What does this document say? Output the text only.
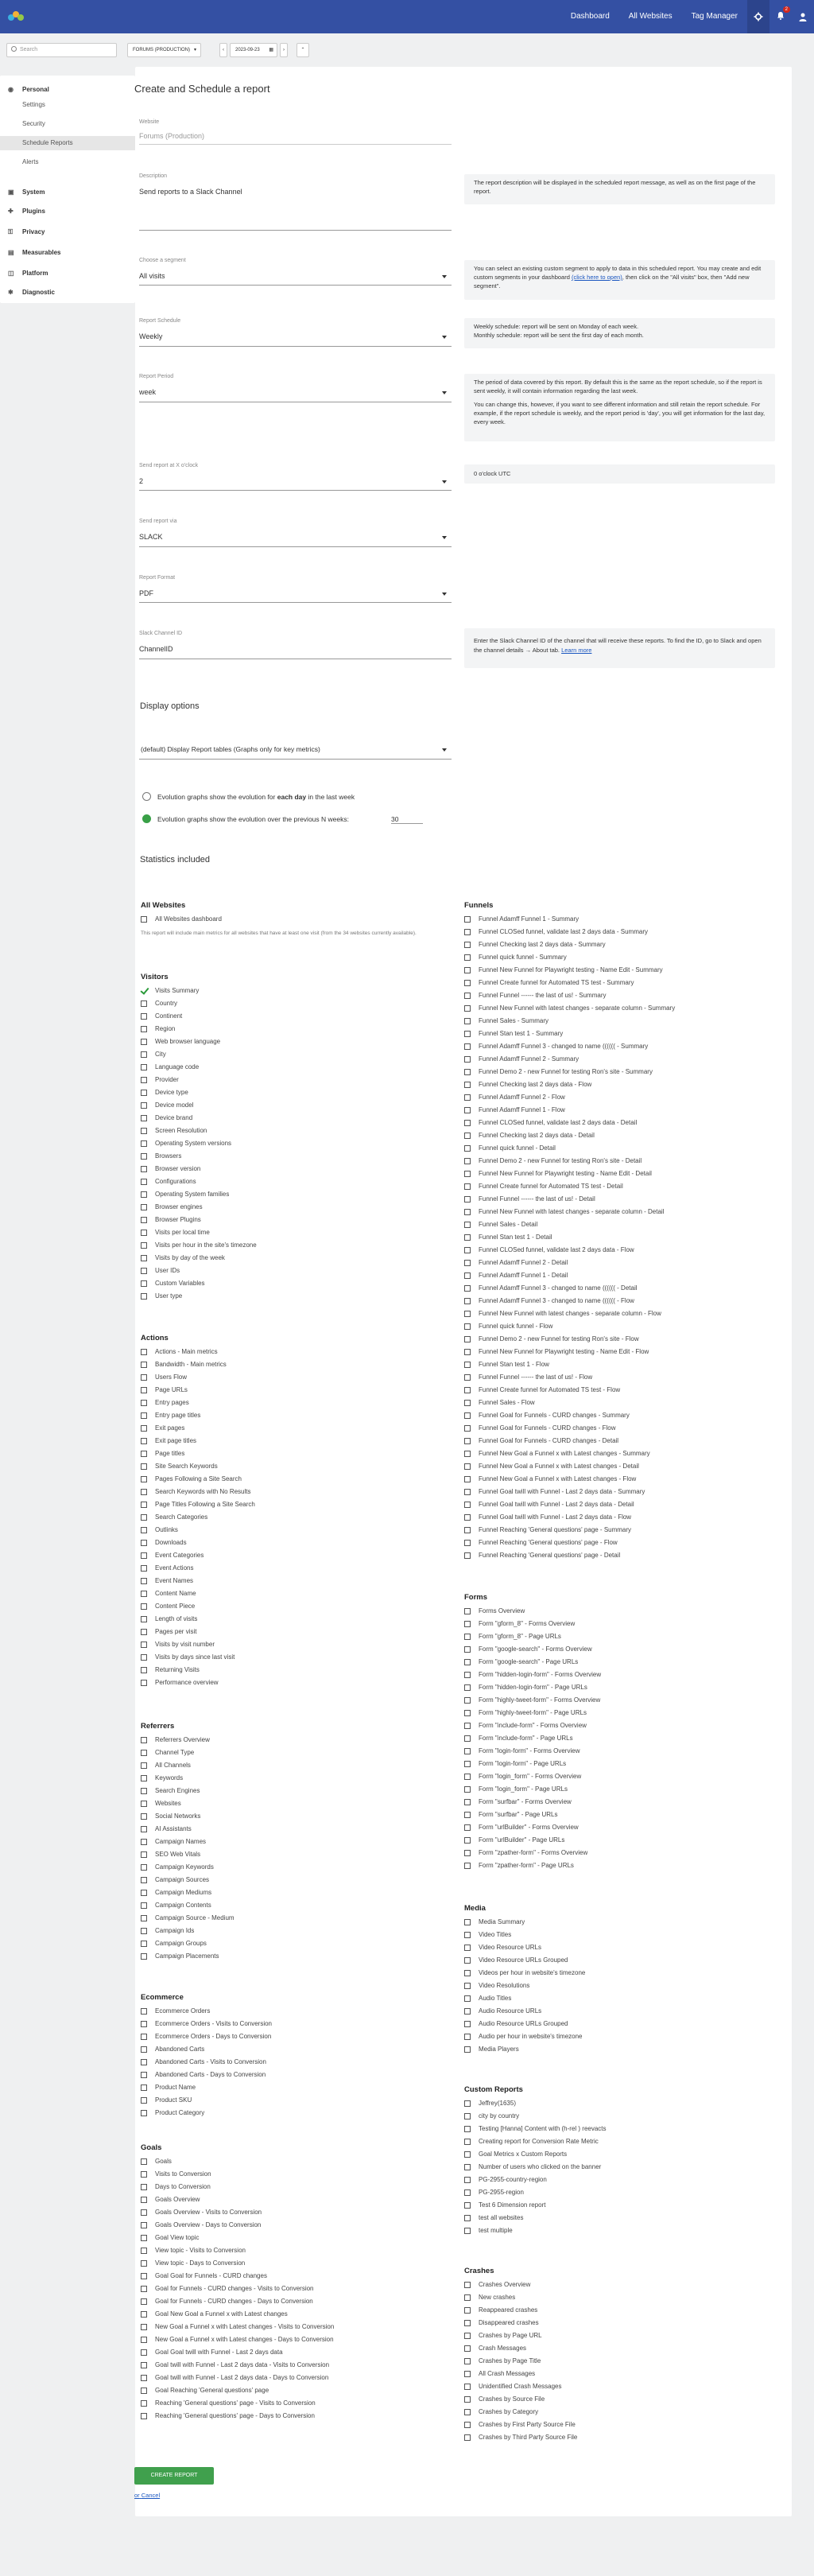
Dashboard	All Websites	Tag Manager
2
Search	FORUMS (PRODUCTION) ▾	‹	2023-09-23 ▦	›	⌃
◉ Personal
Settings
Security
Schedule Reports
Alerts
▣ System
✚ Plugins
⚿ Privacy
▤ Measurables
◫ Platform
✱ Diagnostic
Create and Schedule a report
Website
Forums (Production)
Description
Send reports to a Slack Channel
The report description will be displayed in the scheduled report message, as well as on the first page of the report.
Choose a segment
All visits
You can select an existing custom segment to apply to data in this scheduled report. You may create and edit custom segments in your dashboard (click here to open), then click on the "All visits" box, then "Add new segment".
Report Schedule
Weekly
Weekly schedule: report will be sent on Monday of each week.
Monthly schedule: report will be sent the first day of each month.
Report Period
week
The period of data covered by this report. By default this is the same as the report schedule, so if the report is sent weekly, it will contain information regarding the last week.
You can change this, however, if you want to see different information and still retain the report schedule. For example, if the report schedule is weekly, and the report period is 'day', you will get information for the last day, every week.
Send report at X o'clock
2
0 o'clock UTC
Send report via
SLACK
Report Format
PDF
Slack Channel ID
ChannelID
Enter the Slack Channel ID of the channel that will receive these reports. To find the ID, go to Slack and open the channel details → About tab. Learn more
Display options
(default) Display Report tables (Graphs only for key metrics)
Evolution graphs show the evolution for each day in the last week
Evolution graphs show the evolution over the previous N weeks:	30
Statistics included
All Websites
All Websites dashboard
This report will include main metrics for all websites that have at least one visit (from the 34 websites currently available).
Visitors
Visits Summary
Country
Continent
Region
Web browser language
City
Language code
Provider
Device type
Device model
Device brand
Screen Resolution
Operating System versions
Browsers
Browser version
Configurations
Operating System families
Browser engines
Browser Plugins
Visits per local time
Visits per hour in the site's timezone
Visits by day of the week
User IDs
Custom Variables
User type
Actions
Actions - Main metrics
Bandwidth - Main metrics
Users Flow
Page URLs
Entry pages
Entry page titles
Exit pages
Exit page titles
Page titles
Site Search Keywords
Pages Following a Site Search
Search Keywords with No Results
Page Titles Following a Site Search
Search Categories
Outlinks
Downloads
Event Categories
Event Actions
Event Names
Content Name
Content Piece
Length of visits
Pages per visit
Visits by visit number
Visits by days since last visit
Returning Visits
Performance overview
Referrers
Referrers Overview
Channel Type
All Channels
Keywords
Search Engines
Websites
Social Networks
AI Assistants
Campaign Names
SEO Web Vitals
Campaign Keywords
Campaign Sources
Campaign Mediums
Campaign Contents
Campaign Source - Medium
Campaign Ids
Campaign Groups
Campaign Placements
Ecommerce
Ecommerce Orders
Ecommerce Orders - Visits to Conversion
Ecommerce Orders - Days to Conversion
Abandoned Carts
Abandoned Carts - Visits to Conversion
Abandoned Carts - Days to Conversion
Product Name
Product SKU
Product Category
Goals
Goals
Visits to Conversion
Days to Conversion
Goals Overview
Goals Overview - Visits to Conversion
Goals Overview - Days to Conversion
Goal View topic
View topic - Visits to Conversion
View topic - Days to Conversion
Goal Goal for Funnels - CURD changes
Goal for Funnels - CURD changes - Visits to Conversion
Goal for Funnels - CURD changes - Days to Conversion
Goal New Goal a Funnel x with Latest changes
New Goal a Funnel x with Latest changes - Visits to Conversion
New Goal a Funnel x with Latest changes - Days to Conversion
Goal Goal twill with Funnel - Last 2 days data
Goal twill with Funnel - Last 2 days data - Visits to Conversion
Goal twill with Funnel - Last 2 days data - Days to Conversion
Goal Reaching 'General questions' page
Reaching 'General questions' page - Visits to Conversion
Reaching 'General questions' page - Days to Conversion
Funnels
Funnel Adamff Funnel 1 - Summary
Funnel CLOSed funnel, validate last 2 days data - Summary
Funnel Checking last 2 days data - Summary
Funnel quick funnel - Summary
Funnel New Funnel for Playwright testing - Name Edit - Summary
Funnel Create funnel for Automated TS test - Summary
Funnel Funnel ------ the last of us! - Summary
Funnel New Funnel with latest changes - separate column - Summary
Funnel Sales - Summary
Funnel Stan test 1 - Summary
Funnel Adamff Funnel 3 - changed to name (((((( - Summary
Funnel Adamff Funnel 2 - Summary
Funnel Demo 2 - new Funnel for testing Ron's site - Summary
Funnel Checking last 2 days data - Flow
Funnel Adamff Funnel 2 - Flow
Funnel Adamff Funnel 1 - Flow
Funnel CLOSed funnel, validate last 2 days data - Detail
Funnel Checking last 2 days data - Detail
Funnel quick funnel - Detail
Funnel Demo 2 - new Funnel for testing Ron's site - Detail
Funnel New Funnel for Playwright testing - Name Edit - Detail
Funnel Create funnel for Automated TS test - Detail
Funnel Funnel ------ the last of us! - Detail
Funnel New Funnel with latest changes - separate column - Detail
Funnel Sales - Detail
Funnel Stan test 1 - Detail
Funnel CLOSed funnel, validate last 2 days data - Flow
Funnel Adamff Funnel 2 - Detail
Funnel Adamff Funnel 1 - Detail
Funnel Adamff Funnel 3 - changed to name (((((( - Detail
Funnel Adamff Funnel 3 - changed to name (((((( - Flow
Funnel New Funnel with latest changes - separate column - Flow
Funnel quick funnel - Flow
Funnel Demo 2 - new Funnel for testing Ron's site - Flow
Funnel New Funnel for Playwright testing - Name Edit - Flow
Funnel Stan test 1 - Flow
Funnel Funnel ------ the last of us! - Flow
Funnel Create funnel for Automated TS test - Flow
Funnel Sales - Flow
Funnel Goal for Funnels - CURD changes - Summary
Funnel Goal for Funnels - CURD changes - Flow
Funnel Goal for Funnels - CURD changes - Detail
Funnel New Goal a Funnel x with Latest changes - Summary
Funnel New Goal a Funnel x with Latest changes - Detail
Funnel New Goal a Funnel x with Latest changes - Flow
Funnel Goal twill with Funnel - Last 2 days data - Summary
Funnel Goal twill with Funnel - Last 2 days data - Detail
Funnel Goal twill with Funnel - Last 2 days data - Flow
Funnel Reaching 'General questions' page - Summary
Funnel Reaching 'General questions' page - Flow
Funnel Reaching 'General questions' page - Detail
Forms
Forms Overview
Form "gform_8" - Forms Overview
Form "gform_8" - Page URLs
Form "google-search" - Forms Overview
Form "google-search" - Page URLs
Form "hidden-login-form" - Forms Overview
Form "hidden-login-form" - Page URLs
Form "highly-tweet-form" - Forms Overview
Form "highly-tweet-form" - Page URLs
Form "include-form" - Forms Overview
Form "include-form" - Page URLs
Form "login-form" - Forms Overview
Form "login-form" - Page URLs
Form "login_form" - Forms Overview
Form "login_form" - Page URLs
Form "surfbar" - Forms Overview
Form "surfbar" - Page URLs
Form "urlBuilder" - Forms Overview
Form "urlBuilder" - Page URLs
Form "zpather-form" - Forms Overview
Form "zpather-form" - Page URLs
Media
Media Summary
Video Titles
Video Resource URLs
Video Resource URLs Grouped
Videos per hour in website's timezone
Video Resolutions
Audio Titles
Audio Resource URLs
Audio Resource URLs Grouped
Audio per hour in website's timezone
Media Players
Custom Reports
Jeffrey(1635)
city by country
Testing [Hanna] Content with (h-rel ) reevacts
Creating report for Conversion Rate Metric
Goal Metrics x Custom Reports
Number of users who clicked on the banner
PG-2955-country-region
PG-2955-region
Test 6 Dimension report
test all websites
test multiple
Crashes
Crashes Overview
New crashes
Reappeared crashes
Disappeared crashes
Crashes by Page URL
Crash Messages
Crashes by Page Title
All Crash Messages
Unidentified Crash Messages
Crashes by Source File
Crashes by Category
Crashes by First Party Source File
Crashes by Third Party Source File
CREATE REPORT
or Cancel
